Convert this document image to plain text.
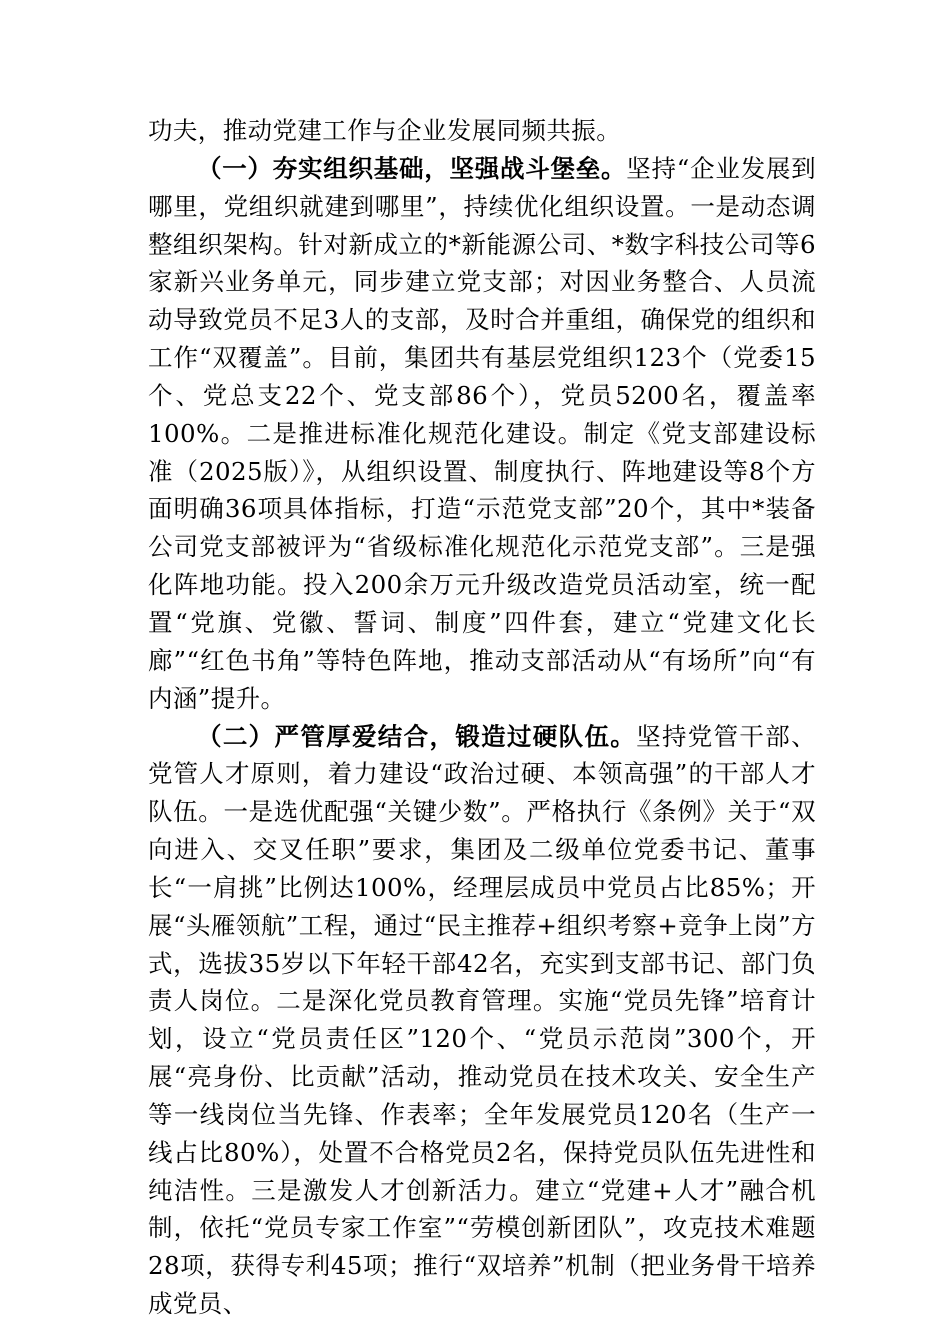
功夫，推动党建工作与企业发展同频共振。

（一）夯实组织基础，坚强战斗堡垒。坚持“企业发展到哪里，党组织就建到哪里”，持续优化组织设置。一是动态调整组织架构。针对新成立的*新能源公司、*数字科技公司等6家新兴业务单元，同步建立党支部；对因业务整合、人员流动导致党员不足3人的支部，及时合并重组，确保党的组织和工作“双覆盖”。目前，集团共有基层党组织123个（党委15个、党总支22个、党支部86个），党员5200名，覆盖率100%。二是推进标准化规范化建设。制定《党支部建设标准（2025版）》，从组织设置、制度执行、阵地建设等8个方面明确36项具体指标，打造“示范党支部”20个，其中*装备公司党支部被评为“省级标准化规范化示范党支部”。三是强化阵地功能。投入200余万元升级改造党员活动室，统一配置“党旗、党徽、誓词、制度”四件套，建立“党建文化长廊”“红色书角”等特色阵地，推动支部活动从“有场所”向“有内涵”提升。

（二）严管厚爱结合，锻造过硬队伍。坚持党管干部、党管人才原则，着力建设“政治过硬、本领高强”的干部人才队伍。一是选优配强“关键少数”。严格执行《条例》关于“双向进入、交叉任职”要求，集团及二级单位党委书记、董事长“一肩挑”比例达100%，经理层成员中党员占比85%；开展“头雁领航”工程，通过“民主推荐+组织考察+竞争上岗”方式，选拔35岁以下年轻干部42名，充实到支部书记、部门负责人岗位。二是深化党员教育管理。实施“党员先锋”培育计划，设立“党员责任区”120个、“党员示范岗”300个，开展“亮身份、比贡献”活动，推动党员在技术攻关、安全生产等一线岗位当先锋、作表率；全年发展党员120名（生产一线占比80%），处置不合格党员2名，保持党员队伍先进性和纯洁性。三是激发人才创新活力。建立“党建+人才”融合机制，依托“党员专家工作室”“劳模创新团队”，攻克技术难题28项，获得专利45项；推行“双培养”机制（把业务骨干培养成党员、
